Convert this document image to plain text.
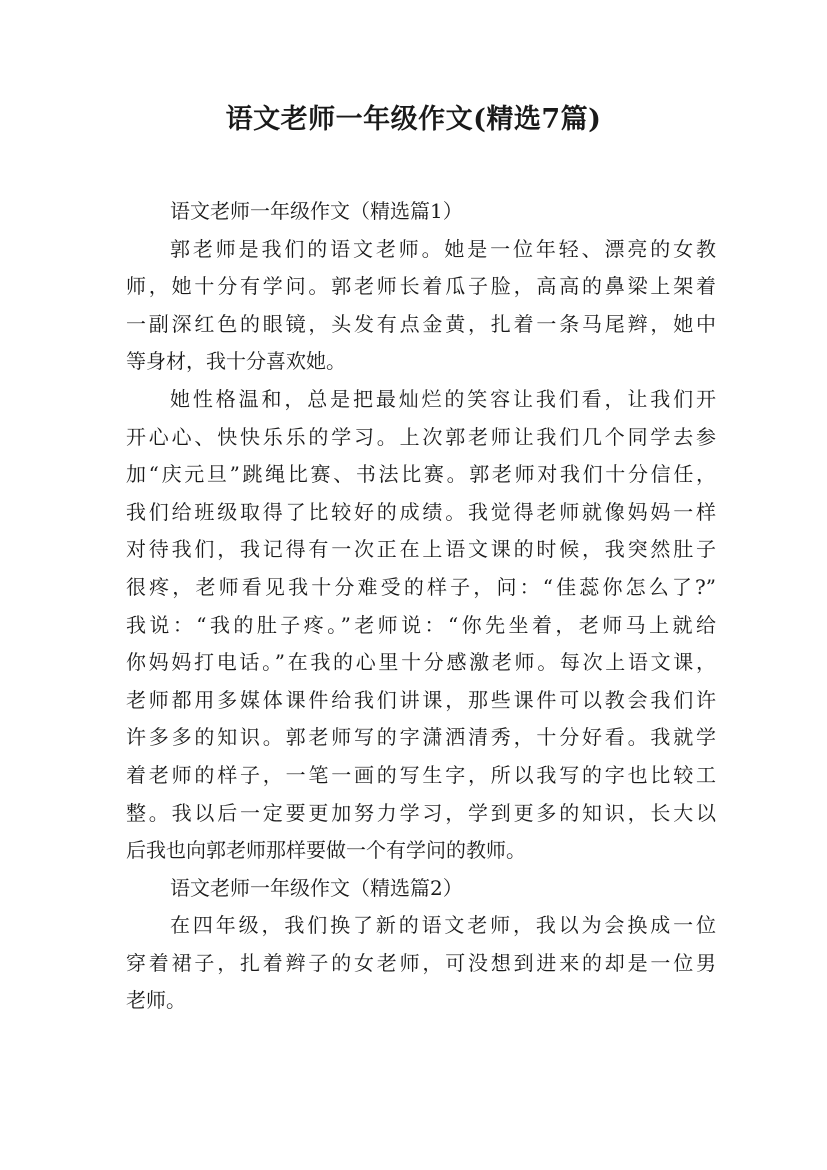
语文老师一年级作文(精选7篇)
语文老师一年级作文（精选篇1）
郭老师是我们的语文老师。她是一位年轻、漂亮的女教
师，她十分有学问。郭老师长着瓜子脸，高高的鼻梁上架着
一副深红色的眼镜，头发有点金黄，扎着一条马尾辫，她中
等身材，我十分喜欢她。
她性格温和，总是把最灿烂的笑容让我们看，让我们开
开心心、快快乐乐的学习。上次郭老师让我们几个同学去参
加“庆元旦”跳绳比赛、书法比赛。郭老师对我们十分信任，
我们给班级取得了比较好的成绩。我觉得老师就像妈妈一样
对待我们，我记得有一次正在上语文课的时候，我突然肚子
很疼，老师看见我十分难受的样子，问：“佳蕊你怎么了?”
我说：“我的肚子疼。”老师说：“你先坐着，老师马上就给
你妈妈打电话。”在我的心里十分感激老师。每次上语文课，
老师都用多媒体课件给我们讲课，那些课件可以教会我们许
许多多的知识。郭老师写的字潇洒清秀，十分好看。我就学
着老师的样子，一笔一画的写生字，所以我写的字也比较工
整。我以后一定要更加努力学习，学到更多的知识，长大以
后我也向郭老师那样要做一个有学问的教师。
语文老师一年级作文（精选篇2）
在四年级，我们换了新的语文老师，我以为会换成一位
穿着裙子，扎着辫子的女老师，可没想到进来的却是一位男
老师。
